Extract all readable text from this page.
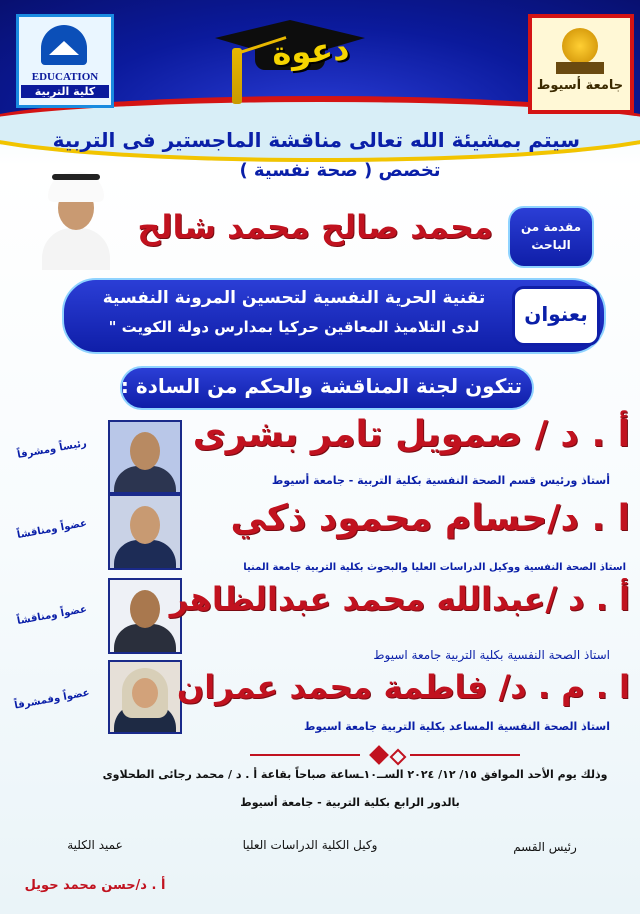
EDUCATION
كلية التربية	جامعة أسيوط
دعوة
سيتم بمشيئة الله تعالى مناقشة الماجستير فى التربية
تخصص ( صحة نفسية )
محمد صالح محمد شالح	مقدمة من الباحث
تقنية الحرية النفسية لتحسين المرونة النفسية
لدى التلاميذ المعاقين حركيا بمدارس دولة الكويت "
بعنوان
تتكون لجنة المناقشة والحكم من السادة :
رئيساً ومشرفاً	أ . د / صمويل تامر بشرى
أستاذ ورئيس قسم الصحة النفسية بكلية التربية - جامعة أسيوط
عضواً ومناقشاً	ا . د/حسام محمود ذكي
استاذ الصحة النفسية ووكيل الدراسات العليا والبحوث بكلية التربية جامعة المنيا
عضواً ومناقشاً	أ . د /عبدالله محمد عبدالظاهر
استاذ الصحة النفسية بكلية التربية جامعة اسيوط
عضواً وفمشرفاً	ا . م . د/ فاطمة محمد عمران
استاذ الصحة النفسية المساعد بكلية التربية جامعة اسيوط
وذلك يوم الأحد الموافق ١٥/ ١٢/ ٢٠٢٤ الســ١٠ـساعة صباحاً بقاعة أ . د / محمد رجائى الطحلاوى
بالدور الرابع بكلية التربية - جامعة أسيوط
رئيس القسم
وكيل الكلية الدراسات العليا
عميد الكلية
أ . د/حسن محمد حويل
